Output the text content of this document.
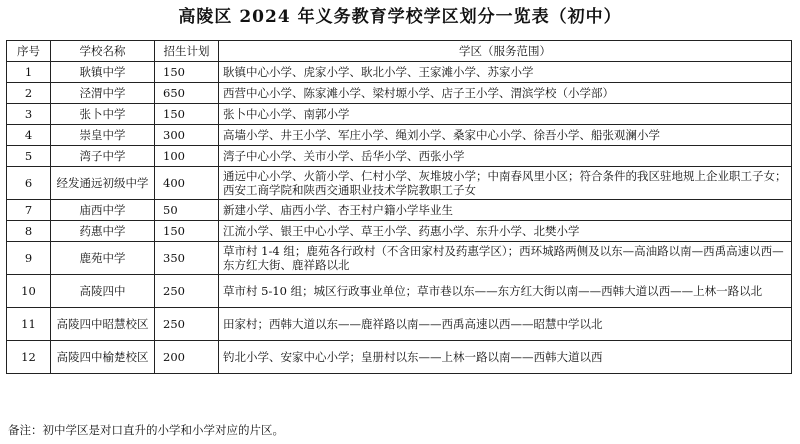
高陵区 2024 年义务教育学校学区划分一览表（初中）
序号	学校名称	招生计划	学区（服务范围）
1	耿镇中学	150	耿镇中心小学、虎家小学、耿北小学、王家滩小学、苏家小学
2	泾渭中学	650	西营中心小学、陈家滩小学、梁村塬小学、店子王小学、渭滨学校（小学部）
3	张卜中学	150	张卜中心小学、南郭小学
4	崇皇中学	300	高墙小学、井王小学、军庄小学、绳刘小学、桑家中心小学、徐吾小学、船张观澜小学
5	湾子中学	100	湾子中心小学、关市小学、岳华小学、西张小学
6	经发通远初级中学	400	通远中心小学、火箭小学、仁村小学、灰堆坡小学；中南春风里小区；符合条件的我区驻地规上企业职工子女；西安工商学院和陕西交通职业技术学院教职工子女
7	庙西中学	50	新建小学、庙西小学、杏王村户籍小学毕业生
8	药惠中学	150	江流小学、银王中心小学、草王小学、药惠小学、东升小学、北樊小学
9	鹿苑中学	350	草市村 1-4 组；鹿苑各行政村（不含田家村及药惠学区）；西环城路两侧及以东—高油路以南—西禹高速以西—东方红大街、鹿祥路以北
10	高陵四中	250	草市村 5-10 组；城区行政事业单位；草市巷以东——东方红大街以南——西韩大道以西——上林一路以北
11	高陵四中昭慧校区	250	田家村；西韩大道以东——鹿祥路以南——西禹高速以西——昭慧中学以北
12	高陵四中榆楚校区	200	钓北小学、安家中心小学；皇册村以东——上林一路以南——西韩大道以西
备注：初中学区是对口直升的小学和小学对应的片区。
